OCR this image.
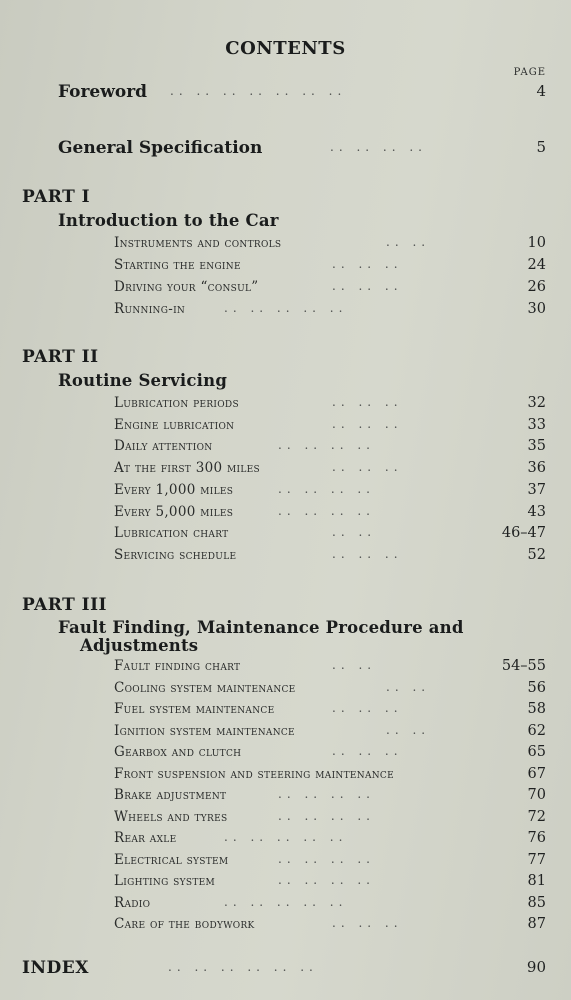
CONTENTS
PAGE
Foreword .. .. .. .. .. .. ..	4
General Specification	.. .. .. ..	5
PART I
Introduction to the Car
Instruments and controls	.. ..	10
Starting the engine	.. .. ..	24
Driving your “consul”	.. .. ..	26
Running-in	.. .. .. .. ..	30
PART II
Routine Servicing
Lubrication periods	.. .. ..	32
Engine lubrication	.. .. ..	33
Daily attention	.. .. .. ..	35
At the first 300 miles	.. .. ..	36
Every 1,000 miles	.. .. .. ..	37
Every 5,000 miles	.. .. .. ..	43
Lubrication chart	.. ..	46–47
Servicing schedule	.. .. ..	52
PART III
Fault Finding, Maintenance Procedure and
Adjustments
Fault finding chart	.. ..	54–55
Cooling system maintenance	.. ..	56
Fuel system maintenance	.. .. ..	58
Ignition system maintenance	.. ..	62
Gearbox and clutch	.. .. ..	65
Front suspension and steering maintenance	67
Brake adjustment	.. .. .. ..	70
Wheels and tyres	.. .. .. ..	72
Rear axle	.. .. .. .. ..	76
Electrical system	.. .. .. ..	77
Lighting system	.. .. .. ..	81
Radio	.. .. .. .. ..	85
Care of the bodywork	.. .. ..	87
INDEX	.. .. .. .. .. ..	90
